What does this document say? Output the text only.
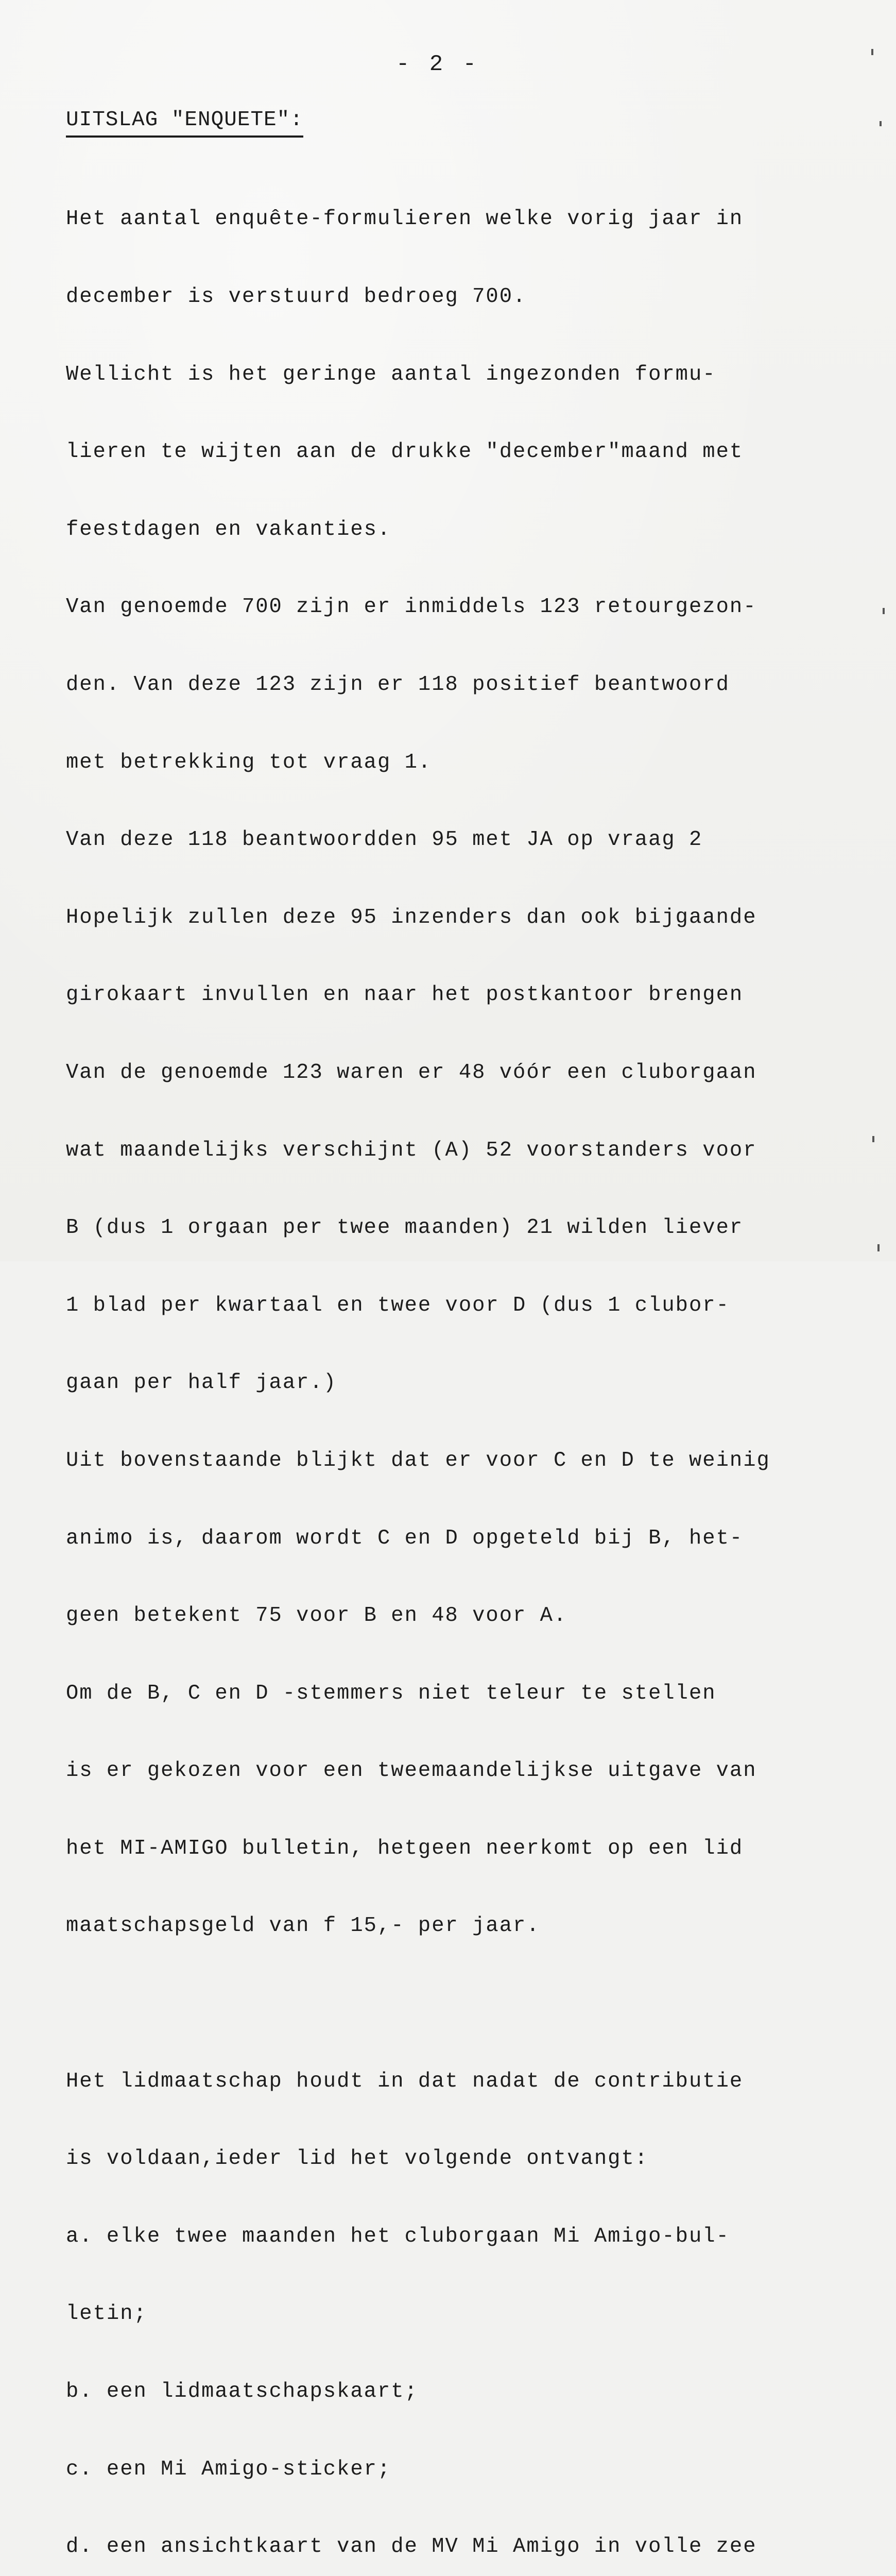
- 2 -
UITSLAG "ENQUETE":

Het aantal enquête-formulieren welke vorig jaar in

december is verstuurd bedroeg 700.

Wellicht is het geringe aantal ingezonden formu-

lieren te wijten aan de drukke "december"maand met

feestdagen en vakanties.

Van genoemde 700 zijn er inmiddels 123 retourgezon-

den. Van deze 123 zijn er 118 positief beantwoord

met betrekking tot vraag 1.

Van deze 118 beantwoordden 95 met JA op vraag 2

Hopelijk zullen deze 95 inzenders dan ook bijgaande

girokaart invullen en naar het postkantoor brengen

Van de genoemde 123 waren er 48 vóór een cluborgaan

wat maandelijks verschijnt (A) 52 voorstanders voor

B (dus 1 orgaan per twee maanden) 21 wilden liever

1 blad per kwartaal en twee voor D (dus 1 clubor-

gaan per half jaar.)

Uit bovenstaande blijkt dat er voor C en D te weinig

animo is, daarom wordt C en D opgeteld bij B, het-

geen betekent 75 voor B en 48 voor A.

Om de B, C en D -stemmers niet teleur te stellen

is er gekozen voor een tweemaandelijkse uitgave van

het MI-AMIGO bulletin, hetgeen neerkomt op een lid

maatschapsgeld van f 15,- per jaar.

Het lidmaatschap houdt in dat nadat de contributie

is voldaan,ieder lid het volgende ontvangt:

a. elke twee maanden het cluborgaan Mi Amigo-bul-

letin;

b. een lidmaatschapskaart;

c. een Mi Amigo-sticker;

d. een ansichtkaart van de MV Mi Amigo in volle zee
